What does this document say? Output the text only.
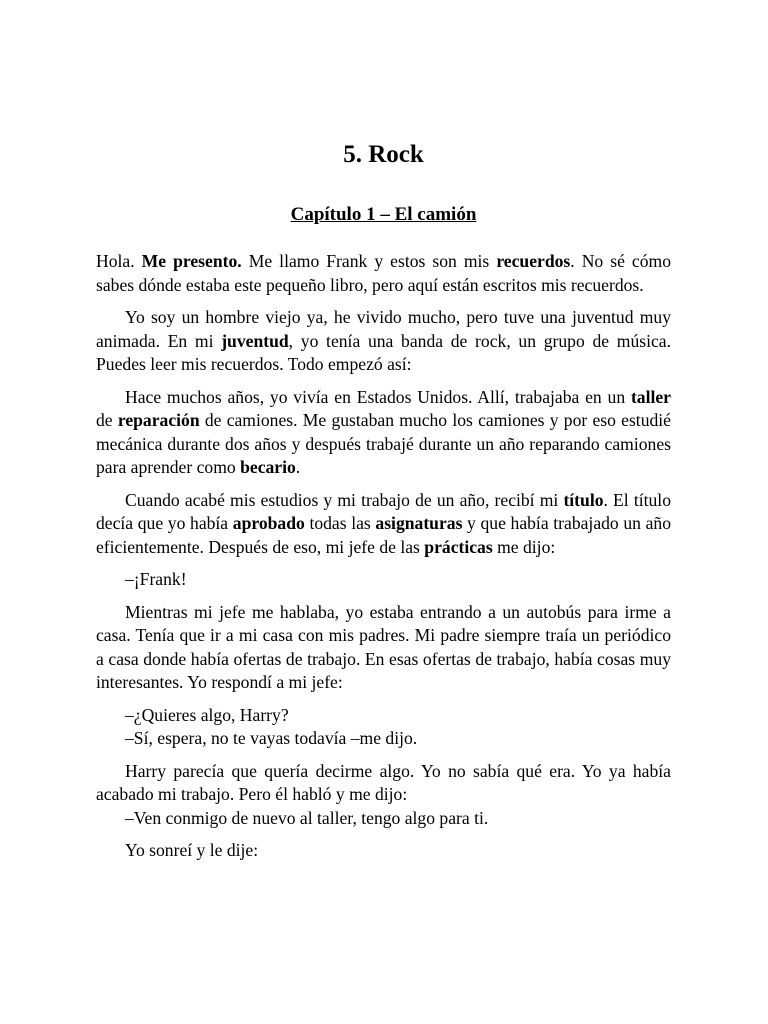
5. Rock
Capítulo 1 – El camión

Hola. Me presento. Me llamo Frank y estos son mis recuerdos. No sé cómo sabes dónde estaba este pequeño libro, pero aquí están escritos mis recuerdos.

Yo soy un hombre viejo ya, he vivido mucho, pero tuve una juventud muy animada. En mi juventud, yo tenía una banda de rock, un grupo de música. Puedes leer mis recuerdos. Todo empezó así:

Hace muchos años, yo vivía en Estados Unidos. Allí, trabajaba en un taller de reparación de camiones. Me gustaban mucho los camiones y por eso estudié mecánica durante dos años y después trabajé durante un año reparando camiones para aprender como becario.

Cuando acabé mis estudios y mi trabajo de un año, recibí mi título. El título decía que yo había aprobado todas las asignaturas y que había trabajado un año eficientemente. Después de eso, mi jefe de las prácticas me dijo:

–¡Frank!

Mientras mi jefe me hablaba, yo estaba entrando a un autobús para irme a casa. Tenía que ir a mi casa con mis padres. Mi padre siempre traía un periódico a casa donde había ofertas de trabajo. En esas ofertas de trabajo, había cosas muy interesantes. Yo respondí a mi jefe:

–¿Quieres algo, Harry?

–Sí, espera, no te vayas todavía –me dijo.

Harry parecía que quería decirme algo. Yo no sabía qué era. Yo ya había acabado mi trabajo. Pero él habló y me dijo:

–Ven conmigo de nuevo al taller, tengo algo para ti.

Yo sonreí y le dije:
